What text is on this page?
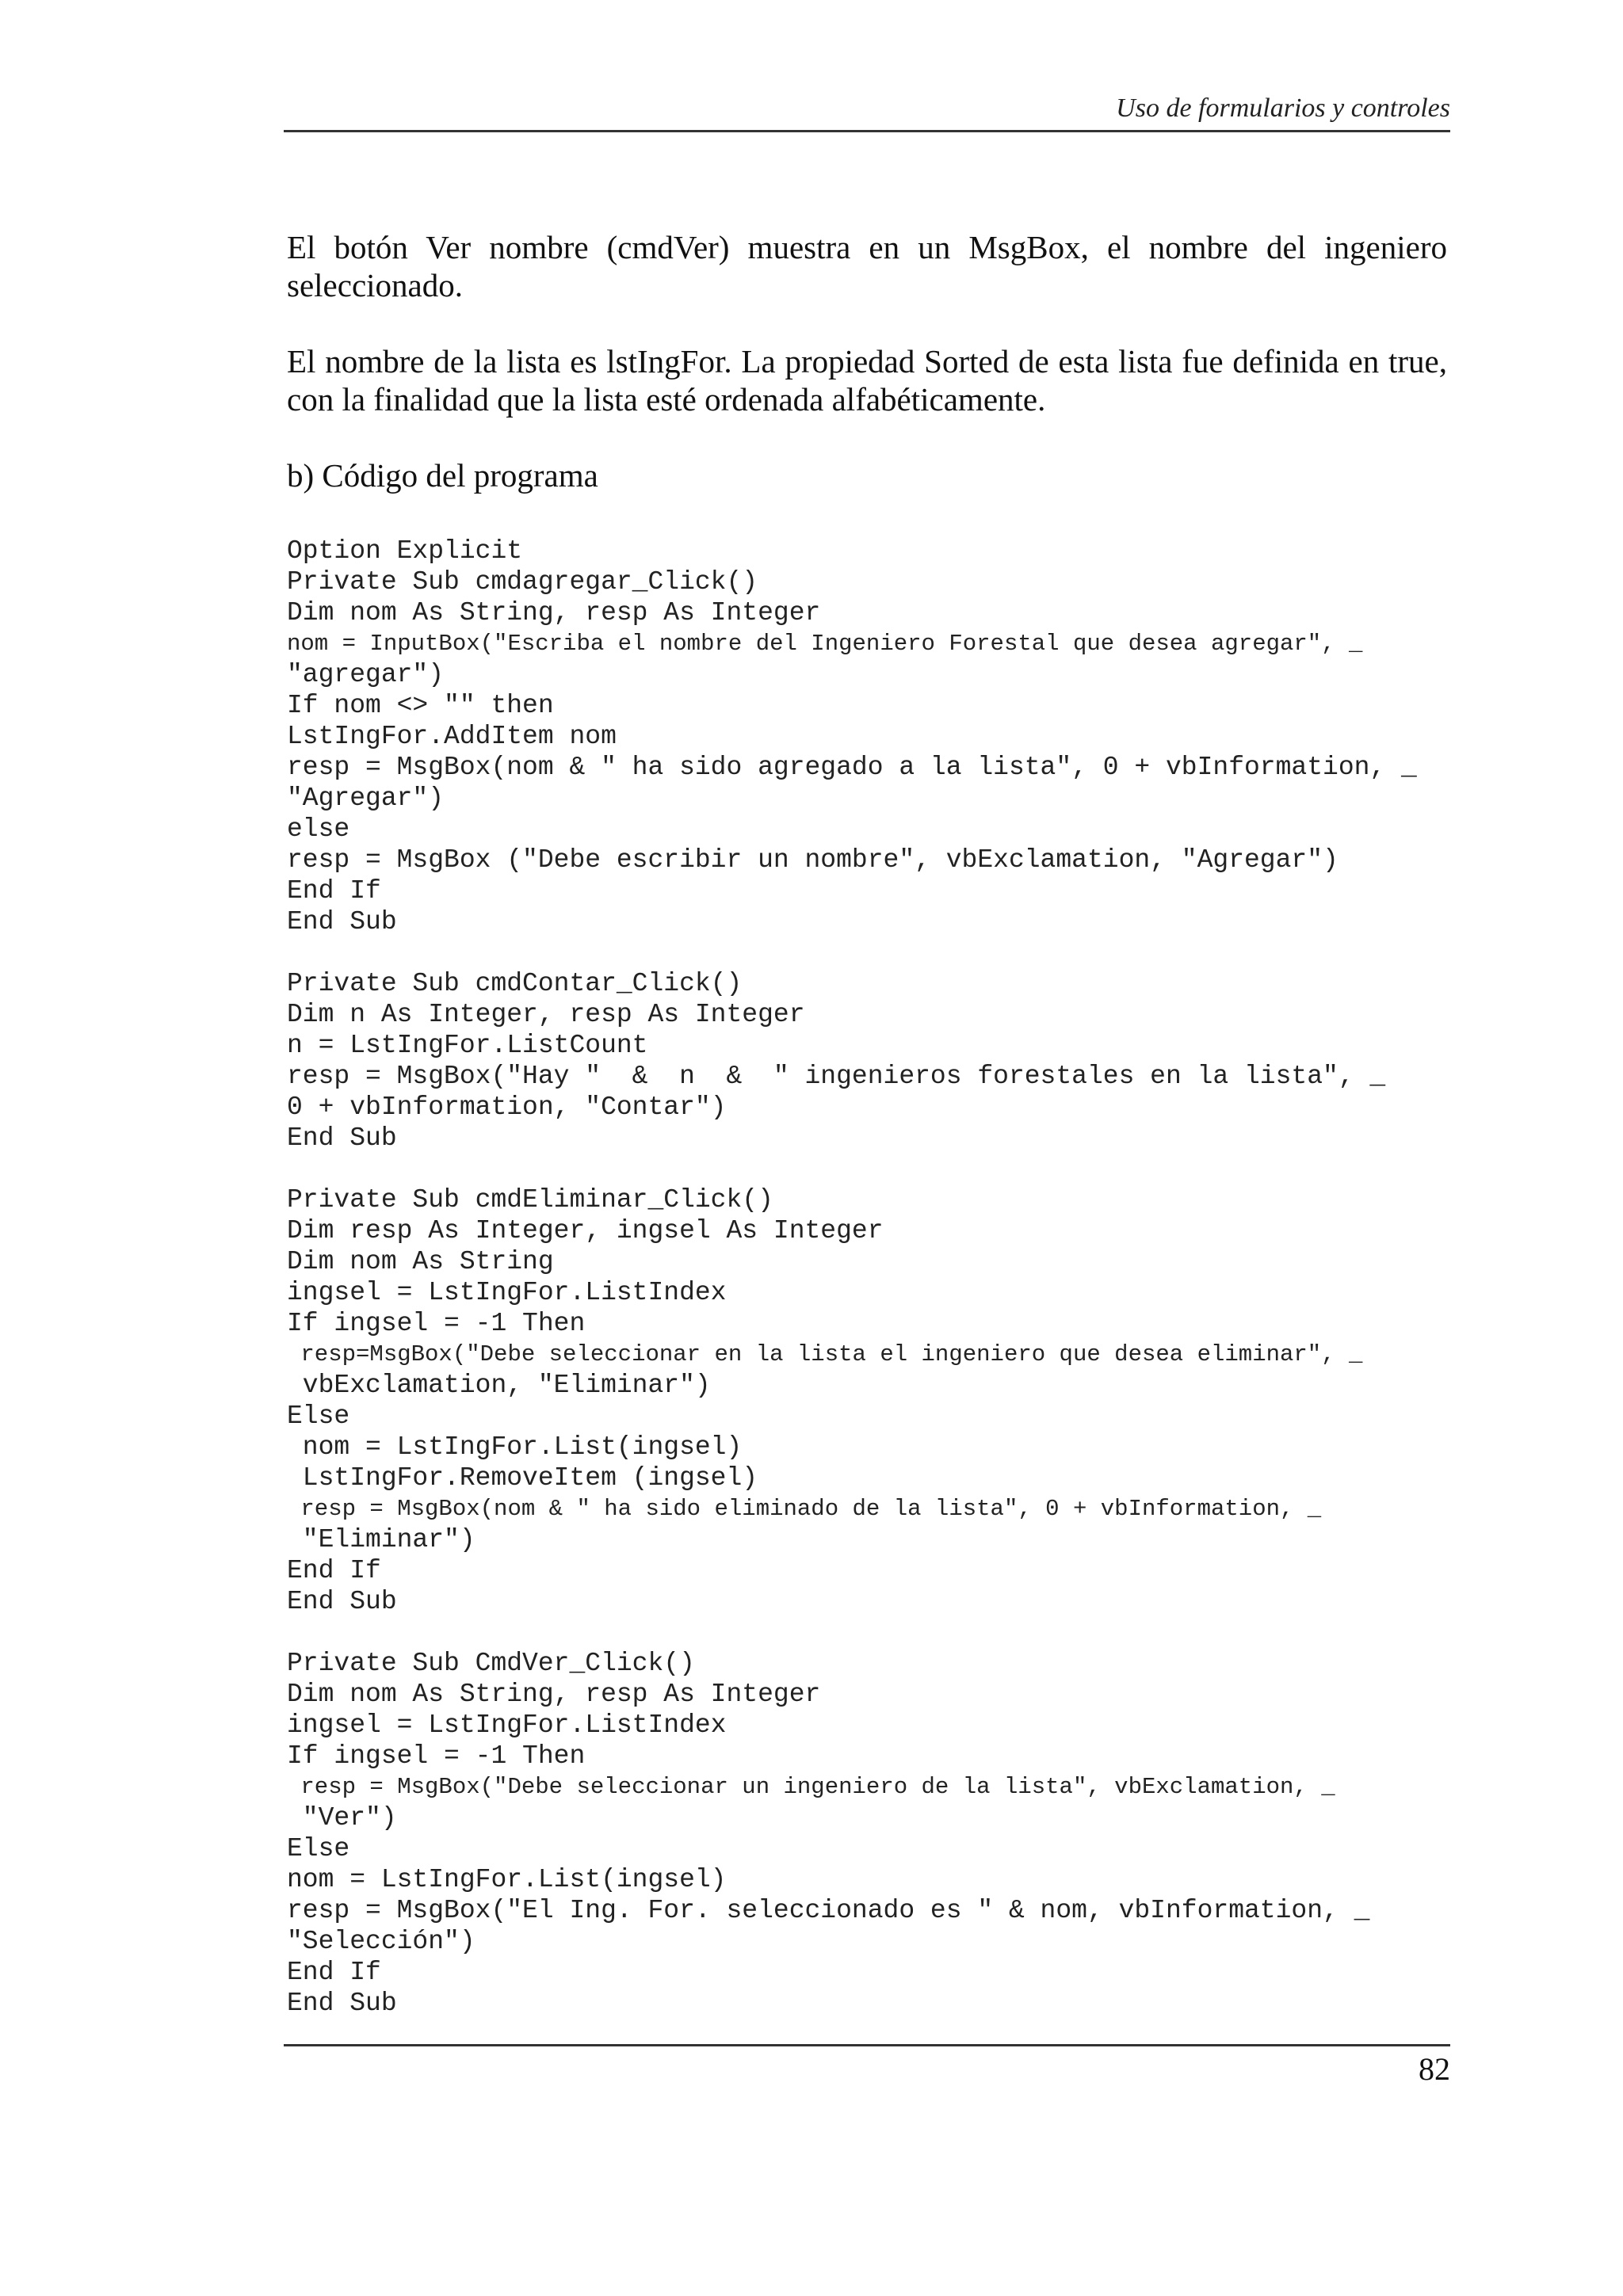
Uso de formularios y controles

El botón Ver nombre (cmdVer) muestra en un MsgBox, el nombre del ingeniero seleccionado.

El nombre de la lista es lstIngFor. La propiedad Sorted de esta lista fue definida en true, con la finalidad que la lista esté ordenada alfabéticamente.

b) Código del programa

Option Explicit
Private Sub cmdagregar_Click()
Dim nom As String, resp As Integer
nom = InputBox("Escriba el nombre del Ingeniero Forestal que desea agregar", _
"agregar")
If nom <> "" then
LstIngFor.AddItem nom
resp = MsgBox(nom & " ha sido agregado a la lista", 0 + vbInformation, _
"Agregar")
else
resp = MsgBox ("Debe escribir un nombre", vbExclamation, "Agregar")
End If
End Sub
Private Sub cmdContar_Click()
Dim n As Integer, resp As Integer
n = LstIngFor.ListCount
resp = MsgBox("Hay "  &  n  &  " ingenieros forestales en la lista", _
0 + vbInformation, "Contar")
End Sub
Private Sub cmdEliminar_Click()
Dim resp As Integer, ingsel As Integer
Dim nom As String
ingsel = LstIngFor.ListIndex
If ingsel = -1 Then
resp=MsgBox("Debe seleccionar en la lista el ingeniero que desea eliminar", _
vbExclamation, "Eliminar")
Else
nom = LstIngFor.List(ingsel)
LstIngFor.RemoveItem (ingsel)
resp = MsgBox(nom & " ha sido eliminado de la lista", 0 + vbInformation, _
"Eliminar")
End If
End Sub
Private Sub CmdVer_Click()
Dim nom As String, resp As Integer
ingsel = LstIngFor.ListIndex
If ingsel = -1 Then
resp = MsgBox("Debe seleccionar un ingeniero de la lista", vbExclamation, _
"Ver")
Else
nom = LstIngFor.List(ingsel)
resp = MsgBox("El Ing. For. seleccionado es " & nom, vbInformation, _
"Selección")
End If
End Sub
82
